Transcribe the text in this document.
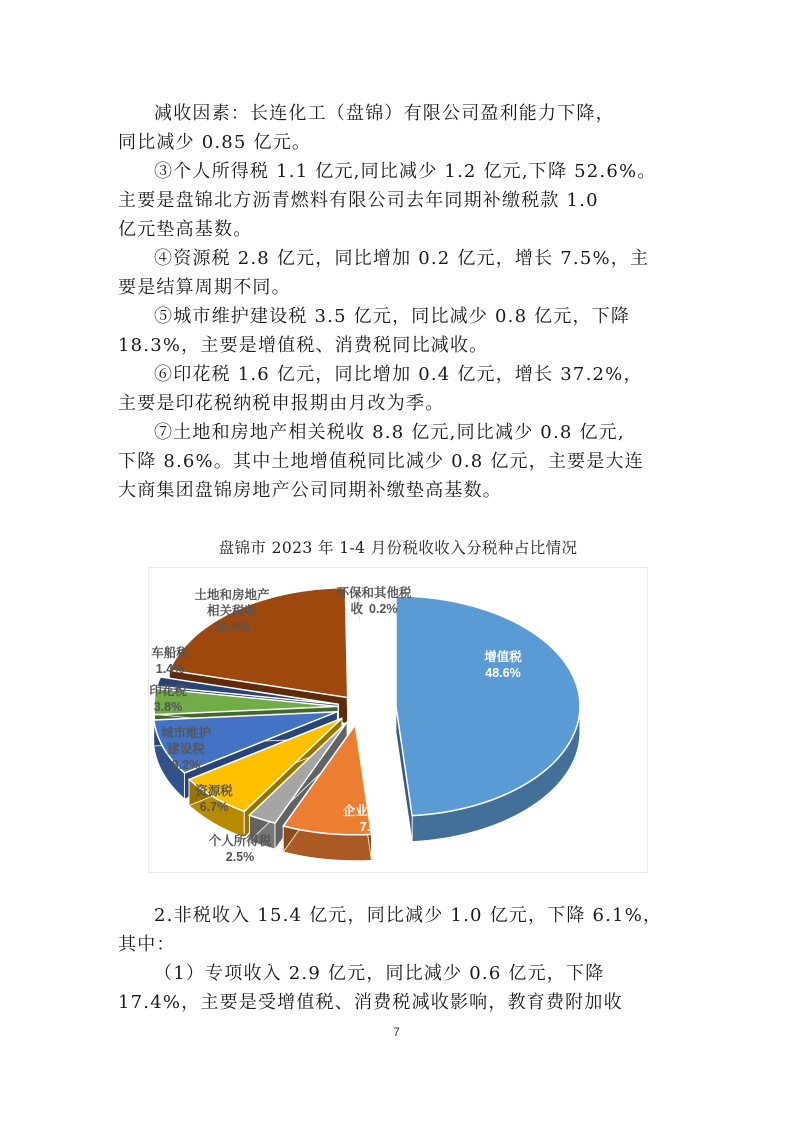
减收因素：长连化工（盘锦）有限公司盈利能力下降，
同比减少 0.85 亿元。

③个人所得税 1.1 亿元,同比减少 1.2 亿元,下降 52.6%。
主要是盘锦北方沥青燃料有限公司去年同期补缴税款 1.0
亿元垫高基数。

④资源税 2.8 亿元，同比增加 0.2 亿元，增长 7.5%，主
要是结算周期不同。

⑤城市维护建设税 3.5 亿元，同比减少 0.8 亿元，下降
18.3%，主要是增值税、消费税同比减收。

⑥印花税 1.6 亿元，同比增加 0.4 亿元，增长 37.2%，
主要是印花税纳税申报期由月改为季。

⑦土地和房地产相关税收 8.8 亿元,同比减少 0.8 亿元,
下降 8.6%。其中土地增值税同比减少 0.8 亿元，主要是大连
大商集团盘锦房地产公司同期补缴垫高基数。

盘锦市 2023 年 1-4 月份税收收入分税种占比情况
增值税 48.6%
企业所得税 7.8%
个人所得税 2.5%
资源税 6.7%
城市维护建设税 8.2%
印花税 3.8%
车船税 1.4%
土地和房地产相关税收 20.8%
环保和其他税收 0.2%

2.非税收入 15.4 亿元，同比减少 1.0 亿元，下降 6.1%，
其中：

（1）专项收入 2.9 亿元，同比减少 0.6 亿元，下降
17.4%，主要是受增值税、消费税减收影响，教育费附加收

7
